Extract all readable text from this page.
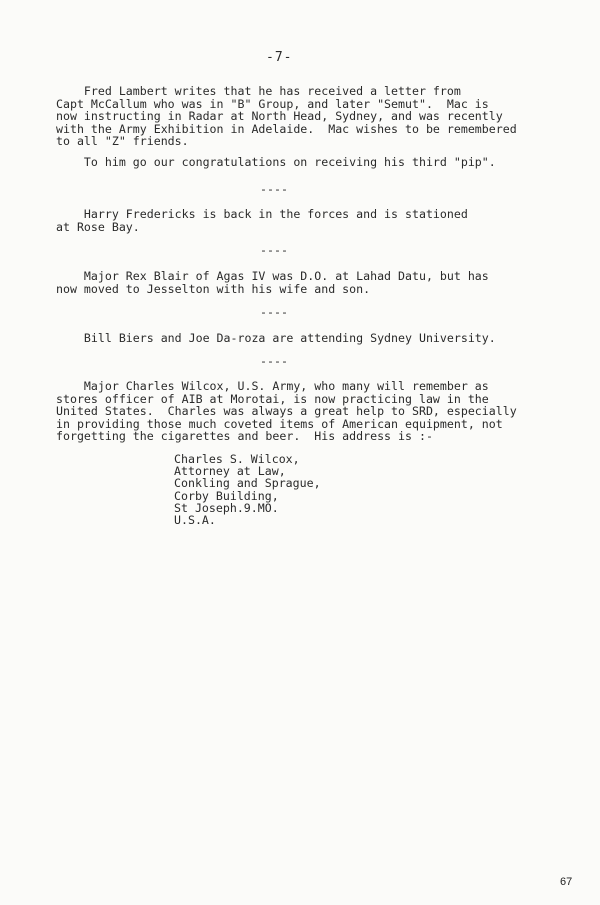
-7-
Fred Lambert writes that he has received a letter from
Capt McCallum who was in "B" Group, and later "Semut".  Mac is
now instructing in Radar at North Head, Sydney, and was recently
with the Army Exhibition in Adelaide.  Mac wishes to be remembered
to all "Z" friends.
To him go our congratulations on receiving his third "pip".
----
Harry Fredericks is back in the forces and is stationed
at Rose Bay.
----
Major Rex Blair of Agas IV was D.O. at Lahad Datu, but has
now moved to Jesselton with his wife and son.
----
Bill Biers and Joe Da-roza are attending Sydney University.
----
Major Charles Wilcox, U.S. Army, who many will remember as
stores officer of AIB at Morotai, is now practicing law in the
United States.  Charles was always a great help to SRD, especially
in providing those much coveted items of American equipment, not
forgetting the cigarettes and beer.  His address is :-
Charles S. Wilcox,
Attorney at Law,
Conkling and Sprague,
Corby Building,
St Joseph.9.MO.
U.S.A.
67
